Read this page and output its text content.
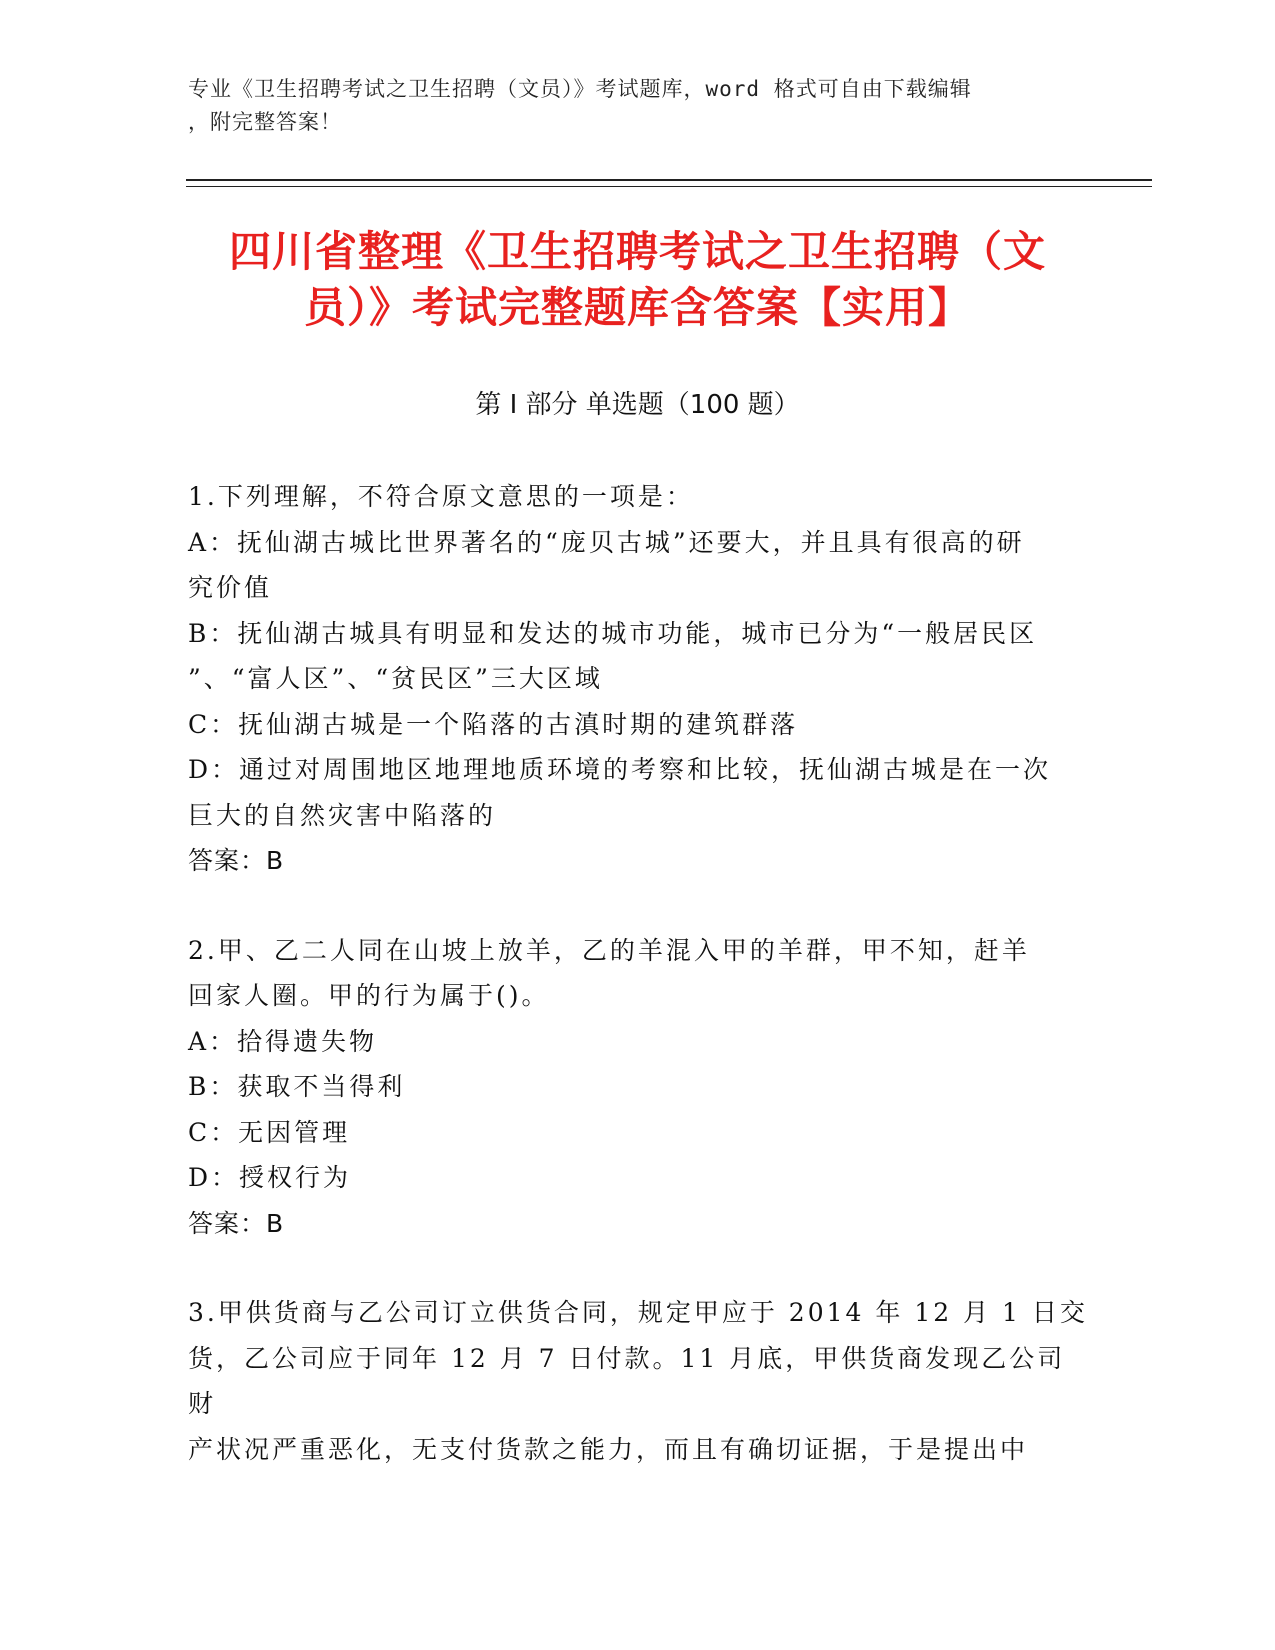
专业《卫生招聘考试之卫生招聘（文员）》考试题库，word 格式可自由下载编辑
，附完整答案！
四川省整理《卫生招聘考试之卫生招聘（文
员）》考试完整题库含答案【实用】
第 I 部分 单选题（100 题）

1.下列理解，不符合原文意思的一项是：

A：抚仙湖古城比世界著名的“庞贝古城”还要大，并且具有很高的研

究价值

B：抚仙湖古城具有明显和发达的城市功能，城市已分为“一般居民区

”、“富人区”、“贫民区”三大区域

C：抚仙湖古城是一个陷落的古滇时期的建筑群落

D：通过对周围地区地理地质环境的考察和比较，抚仙湖古城是在一次

巨大的自然灾害中陷落的

答案：B

2.甲、乙二人同在山坡上放羊，乙的羊混入甲的羊群，甲不知，赶羊

回家人圈。甲的行为属于()。

A：拾得遗失物

B：获取不当得利

C：无因管理

D：授权行为

答案：B

3.甲供货商与乙公司订立供货合同，规定甲应于 2014 年 12 月 1 日交

货，乙公司应于同年 12 月 7 日付款。11 月底，甲供货商发现乙公司财

产状况严重恶化，无支付货款之能力，而且有确切证据，于是提出中
